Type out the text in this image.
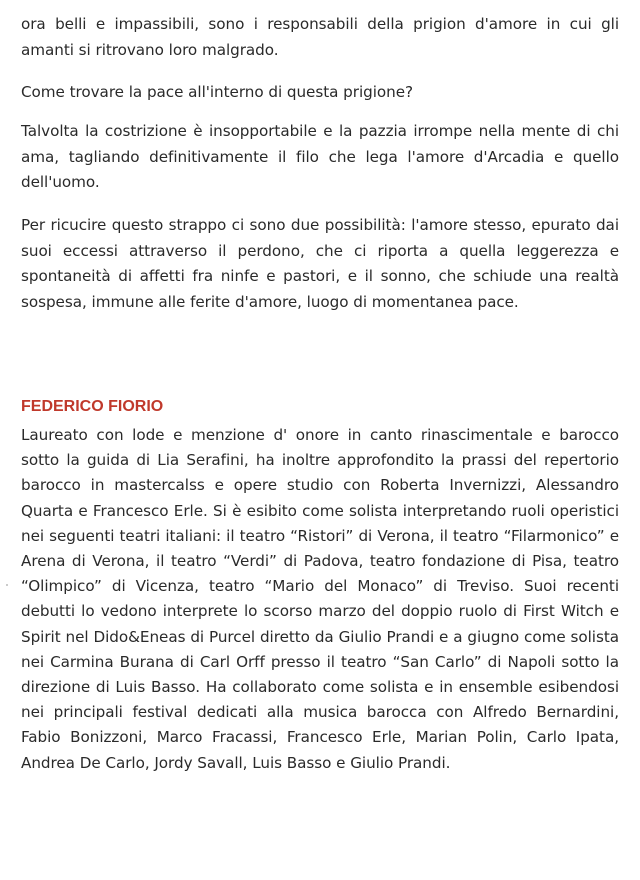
ora belli e impassibili, sono i responsabili della prigion d'amore in cui gli amanti si ritrovano loro malgrado.

Come trovare la pace all'interno di questa prigione?

Talvolta la costrizione è insopportabile e la pazzia irrompe nella mente di chi ama, tagliando definitivamente il filo che lega l'amore d'Arcadia e quello dell'uomo.

Per ricucire questo strappo ci sono due possibilità: l'amore stesso, epurato dai suoi eccessi attraverso il perdono, che ci riporta a quella leggerezza e spontaneità di affetti fra ninfe e pastori, e il sonno, che schiude una realtà sospesa, immune alle ferite d'amore, luogo di momentanea pace.

FEDERICO FIORIO

Laureato con lode e menzione d' onore in canto rinascimentale e barocco sotto la guida di Lia Serafini, ha inoltre approfondito la prassi del repertorio barocco in mastercalss e opere studio con Roberta Invernizzi, Alessandro Quarta e Francesco Erle. Si è esibito come solista interpretando ruoli operistici nei seguenti teatri italiani: il teatro “Ristori” di Verona, il teatro “Filarmonico” e Arena di Verona, il teatro “Verdi” di Padova, teatro fondazione di Pisa, teatro “Olimpico” di Vicenza, teatro “Mario del Monaco” di Treviso. Suoi recenti debutti lo vedono interprete lo scorso marzo del doppio ruolo di First Witch e Spirit nel Dido&Eneas di Purcel diretto da Giulio Prandi e a giugno come solista nei Carmina Burana di Carl Orff presso il teatro “San Carlo” di Napoli sotto la direzione di Luis Basso. Ha collaborato come solista e in ensemble esibendosi nei principali festival dedicati alla musica barocca con Alfredo Bernardini, Fabio Bonizzoni, Marco Fracassi, Francesco Erle, Marian Polin, Carlo Ipata, Andrea De Carlo, Jordy Savall, Luis Basso e Giulio Prandi.
